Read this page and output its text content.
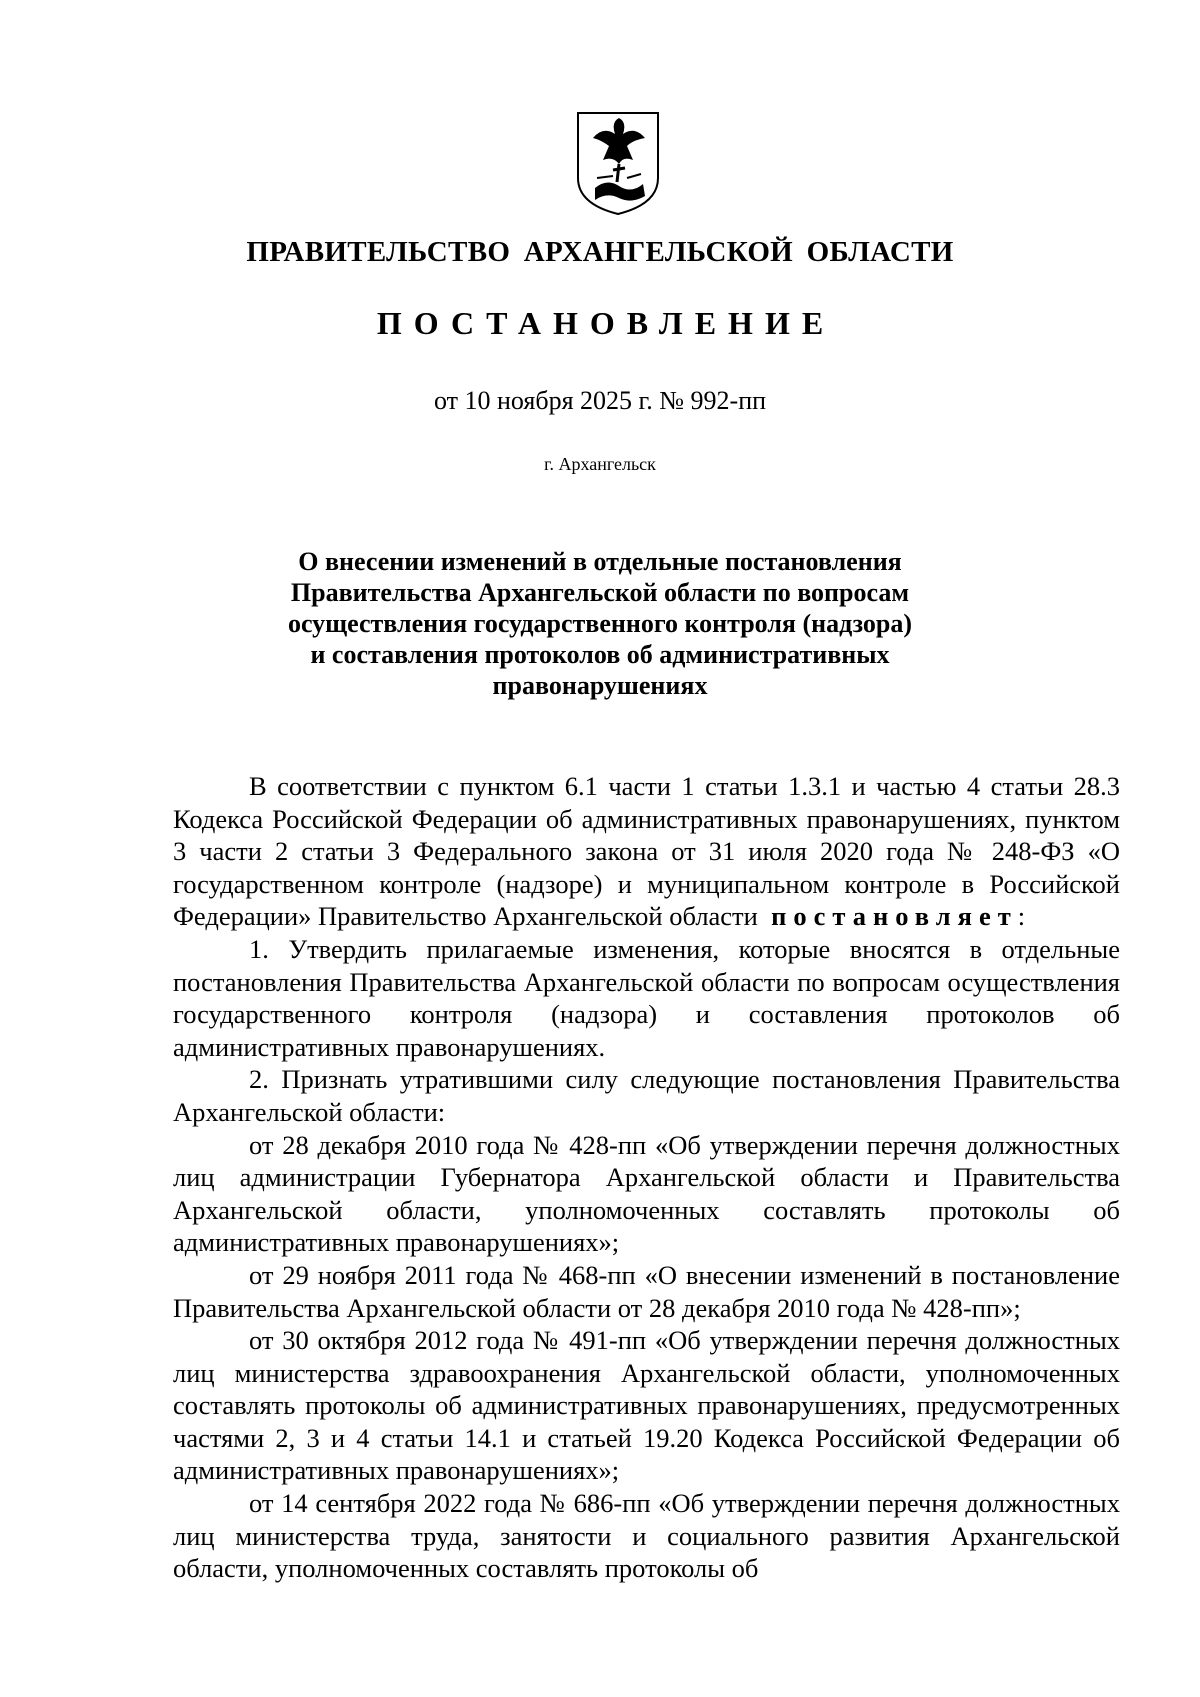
ПРАВИТЕЛЬСТВО АРХАНГЕЛЬСКОЙ ОБЛАСТИ
ПОСТАНОВЛЕНИЕ
от 10 ноября 2025 г. № 992-пп
г. Архангельск
О внесении изменений в отдельные постановления
Правительства Архангельской области по вопросам
осуществления государственного контроля (надзора)
и составления протоколов об административных
правонарушениях

В соответствии с пунктом 6.1 части 1 статьи 1.3.1 и частью 4 статьи 28.3 Кодекса Российской Федерации об административных правонарушениях, пунктом 3 части 2 статьи 3 Федерального закона от 31 июля 2020 года № 248-ФЗ «О государственном контроле (надзоре) и муниципальном контроле в Российской Федерации» Правительство Архангельской области постановляет:

1. Утвердить прилагаемые изменения, которые вносятся в отдельные постановления Правительства Архангельской области по вопросам осуществления государственного контроля (надзора) и составления протоколов об административных правонарушениях.

2. Признать утратившими силу следующие постановления Правительства Архангельской области:

от 28 декабря 2010 года № 428-пп «Об утверждении перечня должностных лиц администрации Губернатора Архангельской области и Правительства Архангельской области, уполномоченных составлять протоколы об административных правонарушениях»;

от 29 ноября 2011 года № 468-пп «О внесении изменений в постановление Правительства Архангельской области от 28 декабря 2010 года № 428-пп»;

от 30 октября 2012 года № 491-пп «Об утверждении перечня должностных лиц министерства здравоохранения Архангельской области, уполномоченных составлять протоколы об административных правонарушениях, предусмотренных частями 2, 3 и 4 статьи 14.1 и статьей 19.20 Кодекса Российской Федерации об административных правонарушениях»;

от 14 сентября 2022 года № 686-пп «Об утверждении перечня должностных лиц министерства труда, занятости и социального развития Архангельской области, уполномоченных составлять протоколы об
